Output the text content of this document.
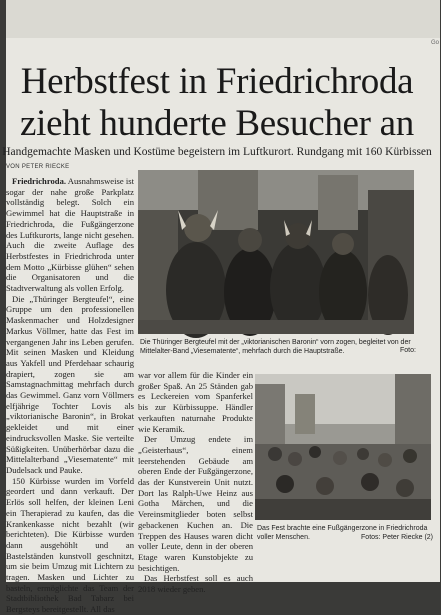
Go
Herbstfest in Friedrichroda
zieht hunderte Besucher an
Handgemachte Masken und Kostüme begeistern im Luftkurort. Rundgang mit 160 Kürbissen
VON PETER RIECKE

Friedrichroda. Ausnahmsweise ist sogar der nahe große Parkplatz vollständig belegt. Solch ein Gewimmel hat die Hauptstraße in Friedrichroda, die Fußgängerzone des Luftkurorts, lange nicht gesehen. Auch die zweite Auflage des Herbstfestes in Friedrichroda unter dem Motto „Kürbisse glühen“ sehen die Organisatoren und die Stadtverwaltung als vollen Erfolg.

Die „Thüringer Bergteufel“, eine Gruppe um den professionellen Maskenmacher und Holzdesigner Markus Völlmer, hatte das Fest im vergangenen Jahr ins Leben gerufen. Mit seinen Masken und Kleidung aus Yakfell und Pferdehaar schaurig drapiert, zogen sie am Samstagnachmittag mehrfach durch das Gewimmel. Ganz vorn Völlmers elfjährige Tochter Lovis als „viktorianische Baronin“, in Brokat gekleidet und mit einer eindrucksvollen Maske. Sie verteilte Süßigkeiten. Unüberhörbar dazu die Mittelalterband „Viesematente“ mit Dudelsack und Pauke.

150 Kürbisse wurden im Vorfeld geordert und dann verkauft. Der Erlös soll helfen, der kleinen Leni ein Therapierad zu kaufen, das die Krankenkasse nicht bezahlt (wir berichteten). Die Kürbisse wurden dann ausgehöhlt und an Bastelständen kunstvoll geschnitzt, um sie beim Umzug mit Lichtern zu tragen. Masken und Lichter zu basteln, ermöglichte das Team der Stadtbibliothek Bad Tabarz bei Bergsteys bereitgestellt. All das

Die Thüringer Bergteufel mit der „viktorianischen Baronin“ vorn zogen, begleitet von der Mittelalter-Band „Viesematente“, mehrfach durch die Hauptstraße.	Foto:

war vor allem für die Kinder ein großer Spaß. An 25 Ständen gab es Leckereien vom Spanferkel bis zur Kürbissuppe. Händler verkauften naturnahe Produkte wie Keramik.

Der Umzug endete im „Geisterhaus“, einem leerstehenden Gebäude am oberen Ende der Fußgängerzone, das der Kunstverein Unit nutzt. Dort las Ralph-Uwe Heinz aus Gotha Märchen, und die Vereinsmitglieder boten selbst gebackenen Kuchen an. Die Treppen des Hauses waren dicht voller Leute, denn in der oberen Etage waren Kunstobjekte zu besichtigen.

Das Herbstfest soll es auch 2018 wieder geben.

Das Fest brachte eine Fußgängerzone in Friedrichroda voller Menschen.	Fotos: Peter Riecke (2)
